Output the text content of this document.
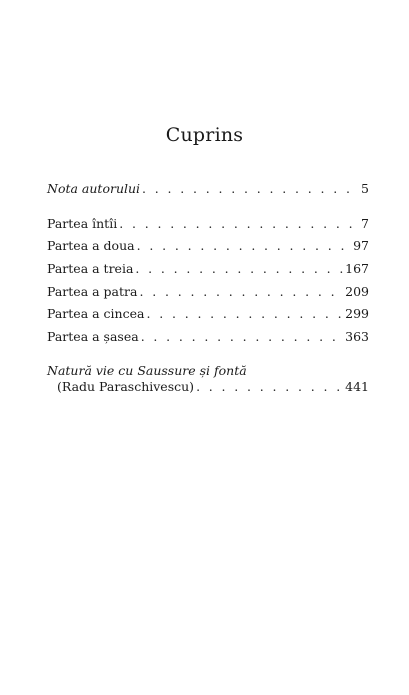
Cuprins
Nota autorului . . .	5
Partea întîi . . .	7
Partea a doua . . .	97
Partea a treia . . .	167
Partea a patra . . .	209
Partea a cincea . . .	299
Partea a șasea . . .	363
Natură vie cu Saussure și fontă
(Radu Paraschivescu) . . .	441
